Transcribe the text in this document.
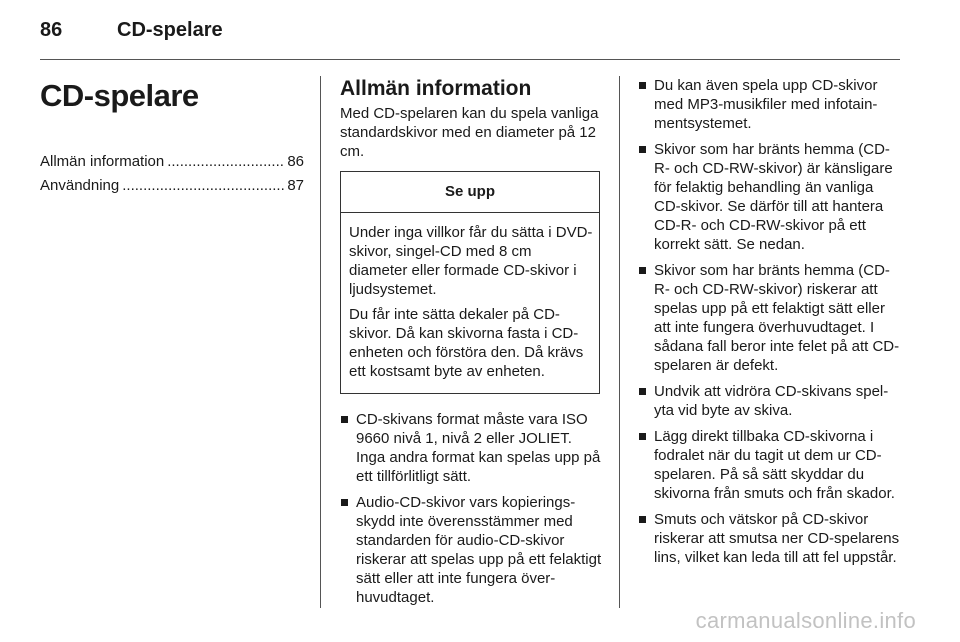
86	CD-spelare
CD-spelare
Allmän information .....	86
Användning .....	87
Allmän information

Med CD-spelaren kan du spela vanliga standardskivor med en diameter på 12 cm.

Se upp

Under inga villkor får du sätta i DVD-skivor, singel-CD med 8 cm diameter eller formade CD-skivor i ljudsystemet.

Du får inte sätta dekaler på CD-skivor. Då kan skivorna fasta i CD-enheten och förstöra den. Då krävs ett kostsamt byte av enheten.

CD-skivans format måste vara ISO 9660 nivå 1, nivå 2 eller JOLIET. Inga andra format kan spelas upp på ett tillförlitligt sätt.
Audio-CD-skivor vars kopieringsskydd inte överensstämmer med standarden för audio-CD-skivor riskerar att spelas upp på ett felaktigt sätt eller att inte fungera överhuvudtaget.
Du kan även spela upp CD-skivor med MP3-musikfiler med infotainmentsystemet.
Skivor som har bränts hemma (CD-R- och CD-RW-skivor) är känsligare för felaktig behandling än vanliga CD-skivor. Se därför till att hantera CD-R- och CD-RW-skivor på ett korrekt sätt. Se nedan.
Skivor som har bränts hemma (CD-R- och CD-RW-skivor) riskerar att spelas upp på ett felaktigt sätt eller att inte fungera överhuvudtaget. I sådana fall beror inte felet på att CD-spelaren är defekt.
Undvik att vidröra CD-skivans spelyta vid byte av skiva.
Lägg direkt tillbaka CD-skivorna i fodralet när du tagit ut dem ur CD-spelaren. På så sätt skyddar du skivorna från smuts och från skador.
Smuts och vätskor på CD-skivor riskerar att smutsa ner CD-spelarens lins, vilket kan leda till att fel uppstår.
carmanualsonline.info
